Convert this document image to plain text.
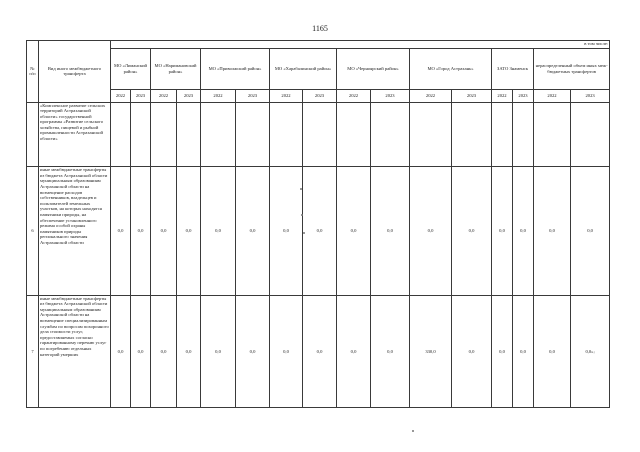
1165
№ п/п	Вид иного межбюджетного трансферта	в том числе:															
		МО «Лиманский район»		МО «Наримановский район»		МО «Приволжский район»		МО «Харабалинский район»		МО «Черноярский район»		МО «Город Астрахань»		ЗАТО Знаменск		нераспределенный объем иных межбюджетных трансфертов	
		2022	2023	2022	2023	2022	2023	2022	2023	2022	2023	2022	2023	2022	2023	2022	2023
	«Комплексное развитие сельских территорий Астраханской области» государственной программы «Развитие сельского хозяйства, пищевой и рыбной промышленности Астраханской области»																
6	иные межбюджетные трансферты из бюджета Астраханской области муниципальным образованиям Астраханской области на возмещение расходов собственников, владельцев и пользователей земельных участков, на которых находятся памятники природы, на обеспечение установленного режима особой охраны памятников природы регионального значения Астраханской области	0,0	0,0	0,0	0,0	0,0	0,0	0,0	0,0	0,0	0,0	0,0	0,0	0,0	0,0	0,0	0,0
7	иные межбюджетные трансферты из бюджета Астраханской области муниципальным образованиям Астраханской области на возмещение специализированным службам по вопросам похоронного дела стоимости услуг, предоставляемых согласно гарантированному перечню услуг по погребению отдельных категорий умерших	0,0	0,0	0,0	0,0	0,0	0,0	0,0	0,0	0,0	0,0	330,0	0,0	0,0	0,0	0,0	0,0»;
